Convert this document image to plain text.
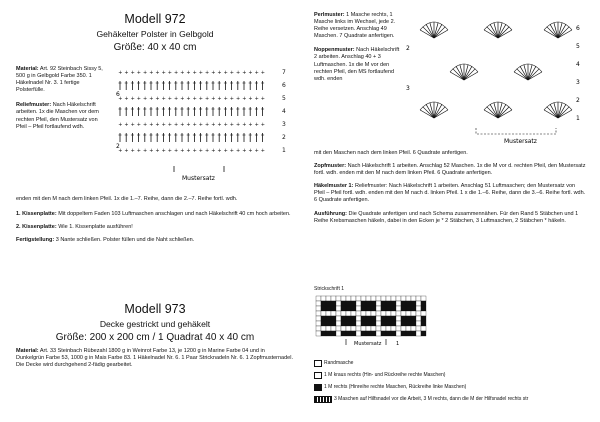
Modell 972

Gehäkelter Polster in Gelbgold

Größe: 40 x 40 cm

Material: Art. 92 Steinbach Sissy 5, 500 g in Gelbgold Farbe 350. 1 Häkelnadel Nr. 3. 1 fertige Polsterfülle.

Reliefmuster: Nach Häkelschrift arbeiten. 1x die Maschen vor dem rechten Pfeil, den Mustersatz von Pfeil – Pfeil fortlaufend wdh.

+ + + + + + + + + + + + + + + + + + + + + + + +	7
6
+ + + + + + + + + + + + + + + + + + + + + + + +	5
4
+ + + + + + + + + + + + + + + + + + + + + + + +	3
2
+ + + + + + + + + + + + + + + + + + + + + + + +	1
6
2
Mustersatz

enden mit den M nach dem linken Pfeil. 1x die 1.–7. Reihe, dann die 2.–7. Reihe fortl. wdh.

1. Kissenplatte: Mit doppeltem Faden 103 Luftmaschen anschlagen und nach Häkelschrift 40 cm hoch arbeiten.

2. Kissenplatte: Wie 1. Kissenplatte ausführen!

Fertigstellung: 3 Nante schließen. Polster füllen und die Naht schließen.

Modell 973

Decke gestrickt und gehäkelt

Größe: 200 x 200 cm / 1 Quadrat 40 x 40 cm

Material: Art. 33 Steinbach Rübezahl 1800 g in Weinrot Farbe 13, je 1200 g in Marine Farbe 04 und in Dunkelgrün Farbe 53, 1000 g in Mais Farbe 83. 1 Häkelnadel Nr. 6. 1 Paar Stricknadeln Nr. 6. 1 Zopfmusternadel. Die Decke wird durchgehend 2-fädig gearbeitet.

Perlmuster: 1 Masche rechts, 1 Masche links im Wechsel, jede 2. Reihe versetzen. Anschlag 49 Maschen. 7 Quadrate anfertigen.

Noppenmuster: Nach Häkelschrift 2 arbeiten. Anschlag 40 + 3 Luftmaschen. 1x die M vor den rechten Pfeil, den MS fortlaufend wdh. enden

6
5
4
3
2
1
2
3
Mustersatz

mit den Maschen nach dem linken Pfeil. 6 Quadrate anfertigen.

Zopfmuster: Nach Häkelschrift 1 arbeiten. Anschlag 52 Maschen. 1x die M vor d. rechten Pfeil, den Mustersatz fortl. wdh. enden mit den M nach dem linken Pfeil. 6 Quadrate anfertigen.

Häkelmuster 1: Reliefmuster: Nach Häkelschrift 1 arbeiten. Anschlag 51 Luftmaschen; den Mustersatz von Pfeil – Pfeil fortl. wdh. enden mit den M nach d. linken Pfeil. 1 x die 1.–6. Reihe, dann die 3.–6. Reihe fortl. wdh. 6 Quadrate anfertigen.

Ausführung: Die Quadrate anfertigen und nach Schema zusammennähen. Für den Rand 5 Stäbchen und 1 Reihe Krebsmaschen häkeln, dabei in den Ecken je * 2 Stäbchen, 3 Luftmaschen, 2 Stäbchen * häkeln.

Strickschrift 1
Mustersatz	1
Randmasche
1 M kraus rechts (Hin- und Rückreihe rechte Maschen)
1 M rechts (Hinreihe rechte Maschen, Rückreihe linke Maschen)
3 Maschen auf Hilfsnadel vor die Arbeit, 3 M rechts, dann die M der Hilfsnadel rechts str
